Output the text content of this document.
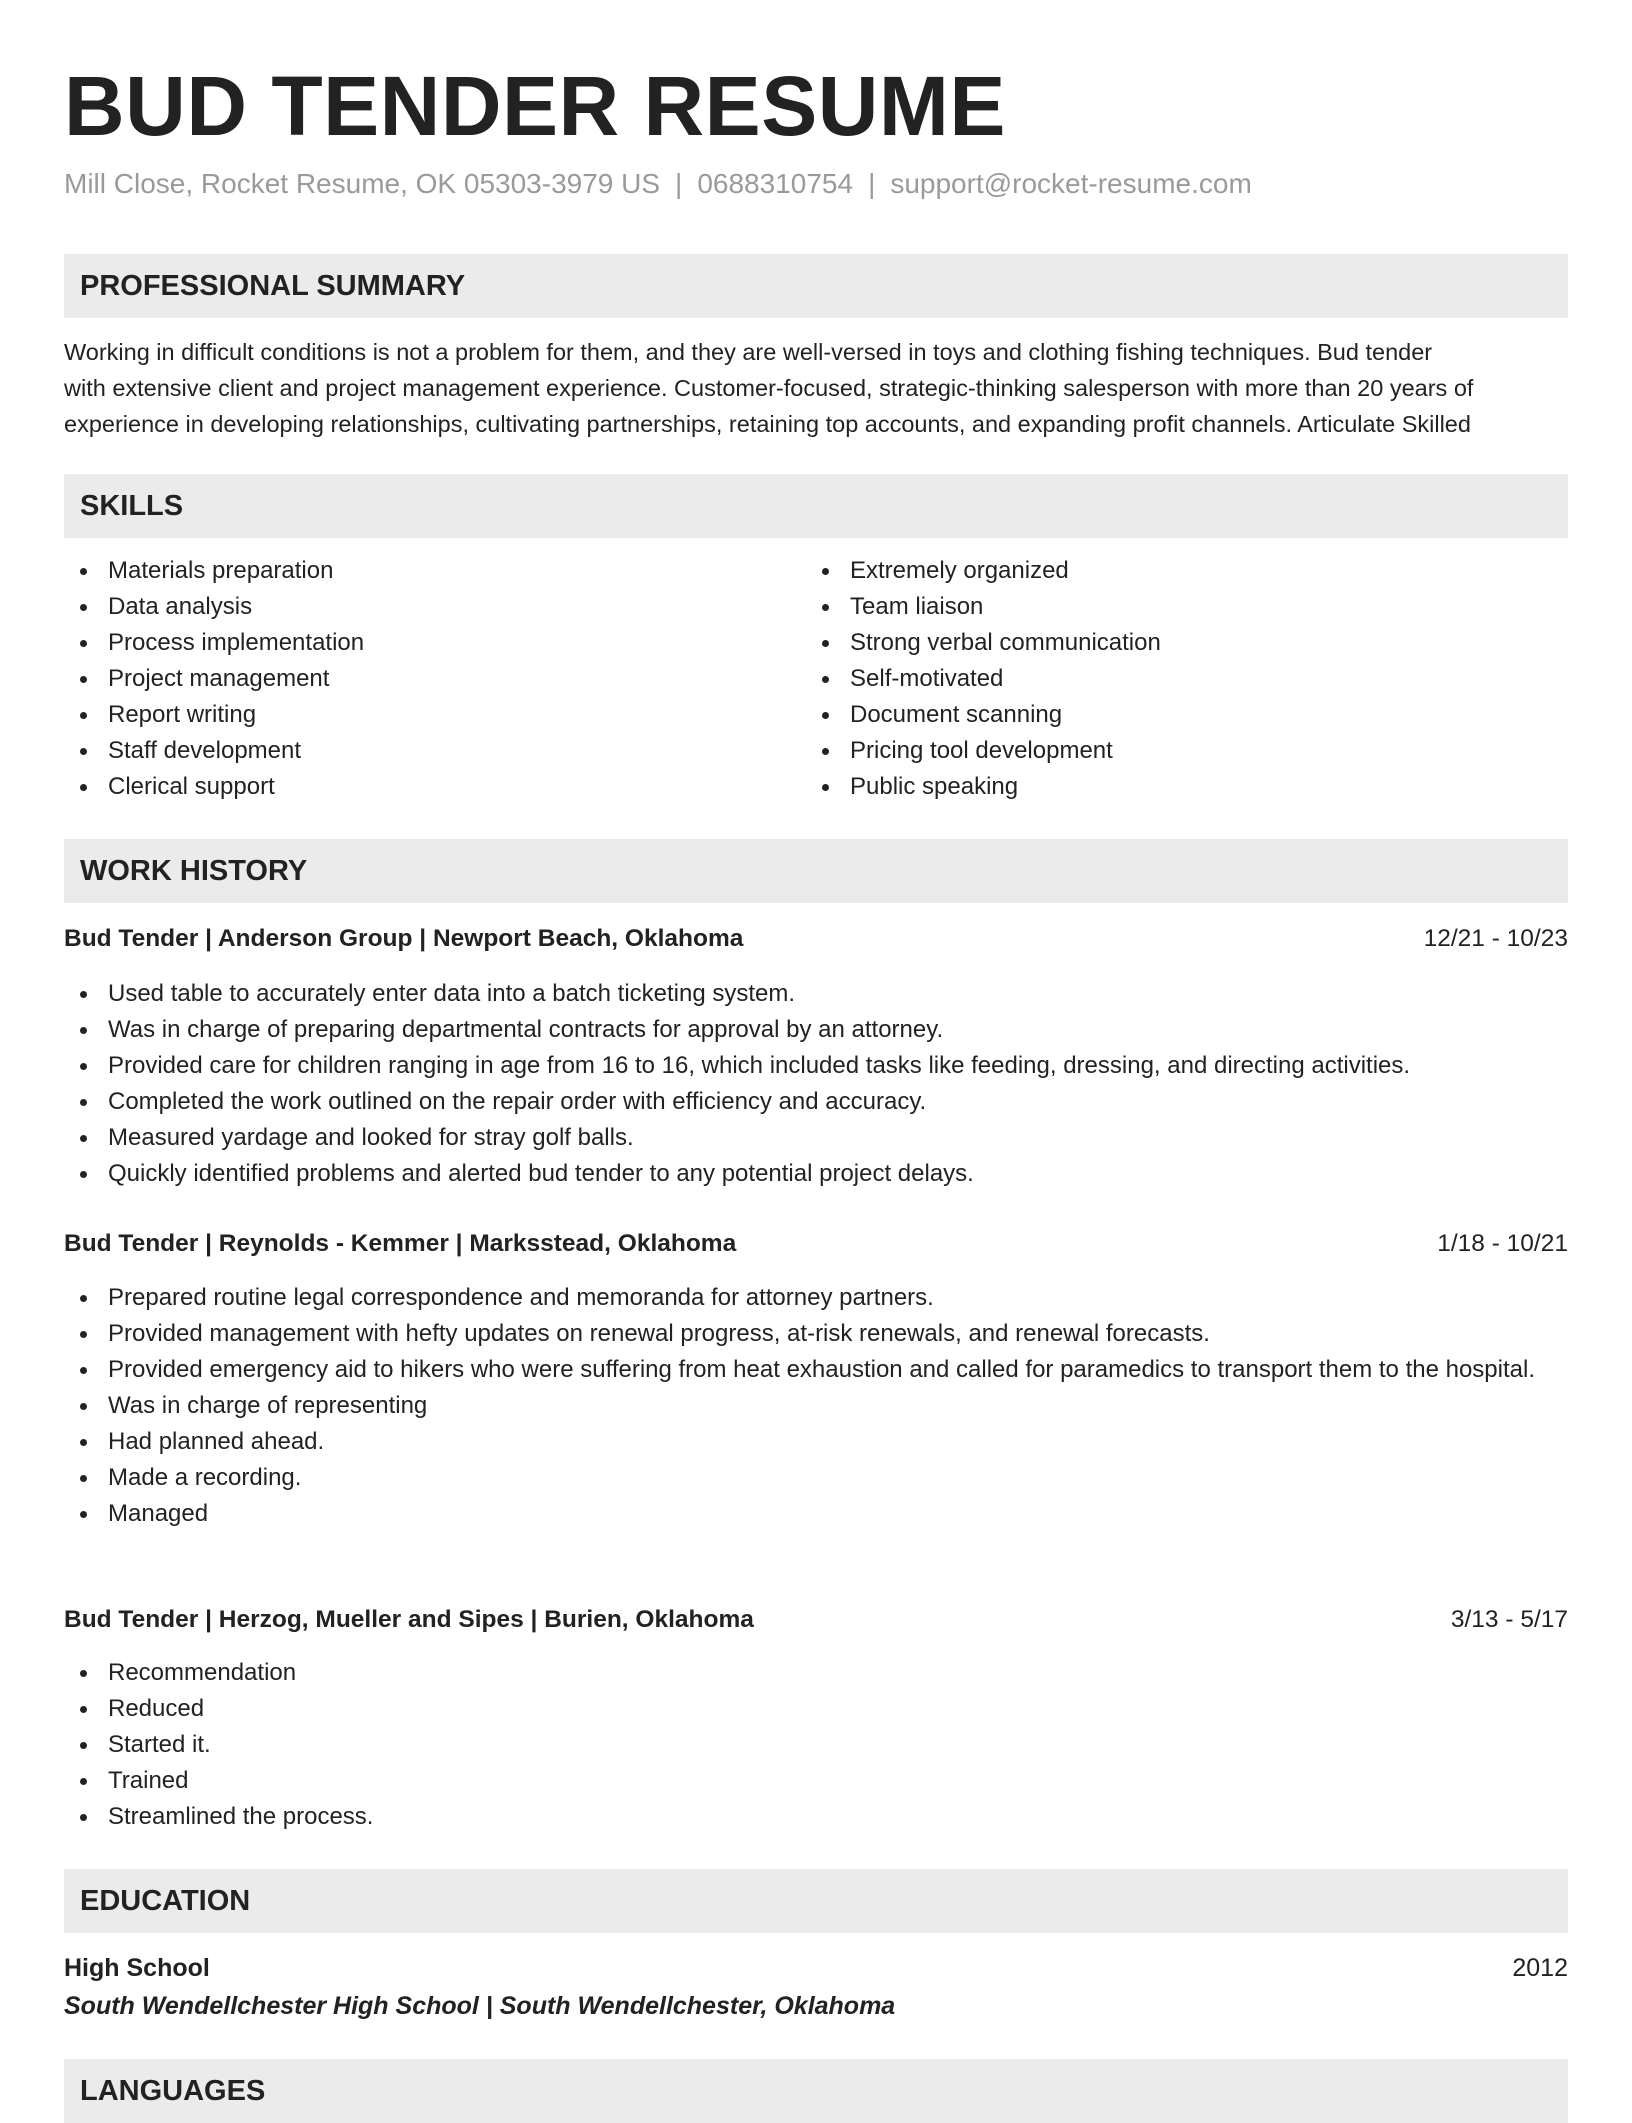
BUD TENDER RESUME
Mill Close, Rocket Resume, OK 05303-3979 US | 0688310754 | support@rocket-resume.com
PROFESSIONAL SUMMARY
Working in difficult conditions is not a problem for them, and they are well-versed in toys and clothing fishing techniques. Bud tender
with extensive client and project management experience. Customer-focused, strategic-thinking salesperson with more than 20 years of
experience in developing relationships, cultivating partnerships, retaining top accounts, and expanding profit channels. Articulate Skilled
SKILLS
Materials preparation
Data analysis
Process implementation
Project management
Report writing
Staff development
Clerical support
Extremely organized
Team liaison
Strong verbal communication
Self-motivated
Document scanning
Pricing tool development
Public speaking
WORK HISTORY
Bud Tender | Anderson Group | Newport Beach, Oklahoma	12/21 - 10/23
Used table to accurately enter data into a batch ticketing system.
Was in charge of preparing departmental contracts for approval by an attorney.
Provided care for children ranging in age from 16 to 16, which included tasks like feeding, dressing, and directing activities.
Completed the work outlined on the repair order with efficiency and accuracy.
Measured yardage and looked for stray golf balls.
Quickly identified problems and alerted bud tender to any potential project delays.
Bud Tender | Reynolds - Kemmer | Marksstead, Oklahoma	1/18 - 10/21
Prepared routine legal correspondence and memoranda for attorney partners.
Provided management with hefty updates on renewal progress, at-risk renewals, and renewal forecasts.
Provided emergency aid to hikers who were suffering from heat exhaustion and called for paramedics to transport them to the hospital.
Was in charge of representing
Had planned ahead.
Made a recording.
Managed
Bud Tender | Herzog, Mueller and Sipes | Burien, Oklahoma	3/13 - 5/17
Recommendation
Reduced
Started it.
Trained
Streamlined the process.
EDUCATION
High School	2012
South Wendellchester High School | South Wendellchester, Oklahoma
LANGUAGES
